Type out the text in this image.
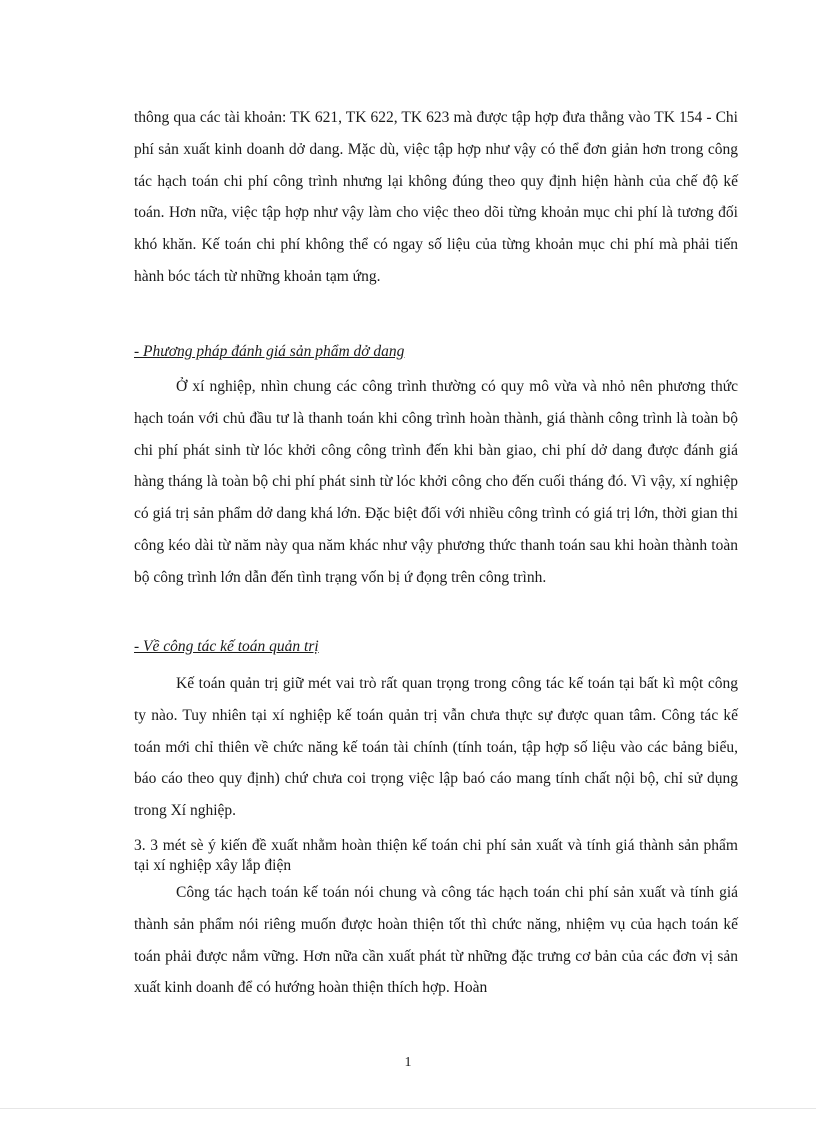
thông qua các tài khoản: TK 621, TK 622, TK 623 mà được tập hợp đưa thẳng vào TK 154 - Chi phí sản xuất kinh doanh dở dang. Mặc dù, việc tập hợp như vậy có thể đơn giản hơn trong công tác hạch toán chi phí công trình nhưng lại không đúng theo quy định hiện hành của chế độ kế toán. Hơn nữa, việc tập hợp như vậy làm cho việc theo dõi từng khoản mục chi phí là tương đối khó khăn. Kế toán chi phí không thể có ngay số liệu của từng khoản mục chi phí mà phải tiến hành bóc tách từ những khoản tạm ứng.

- Phương pháp đánh giá sản phẩm dở dang

Ở xí nghiệp, nhìn chung các công trình thường có quy mô vừa và nhỏ nên phương thức hạch toán với chủ đầu tư là thanh toán khi công trình hoàn thành, giá thành công trình là toàn bộ chi phí phát sinh từ lóc khởi công công trình đến khi bàn giao, chi phí dở dang được đánh giá hàng tháng là toàn bộ chi phí phát sinh từ lóc khởi công cho đến cuối tháng đó. Vì vậy, xí nghiệp có giá trị sản phẩm dở dang khá lớn. Đặc biệt đối với nhiều công trình có giá trị lớn, thời gian thi công kéo dài từ năm này qua năm khác như vậy phương thức thanh toán sau khi hoàn thành toàn bộ công trình lớn dẫn đến tình trạng vốn bị ứ đọng trên công trình.

- Về công tác kế toán quản trị

Kế toán quản trị giữ mét vai trò rất quan trọng trong công tác kế toán tại bất kì một công ty nào. Tuy nhiên tại xí nghiệp kế toán quản trị vẫn chưa thực sự được quan tâm. Công tác kế toán mới chỉ thiên về chức năng kế toán tài chính (tính toán, tập hợp số liệu vào các bảng biểu, báo cáo theo quy định) chứ chưa coi trọng việc lập baó cáo mang tính chất nội bộ, chỉ sử dụng trong Xí nghiệp.

3. 3 mét sè ý kiến đề xuất nhằm hoàn thiện kế toán chi phí sản xuất và tính giá thành sản phẩm tại xí nghiệp xây lắp điện

Công tác hạch toán kế toán nói chung và công tác hạch toán chi phí sản xuất và tính giá thành sản phẩm nói riêng muốn được hoàn thiện tốt thì chức năng, nhiệm vụ của hạch toán kế toán phải được nắm vững. Hơn nữa cần xuất phát từ những đặc trưng cơ bản của các đơn vị sản xuất kinh doanh để có hướng hoàn thiện thích hợp. Hoàn

1
